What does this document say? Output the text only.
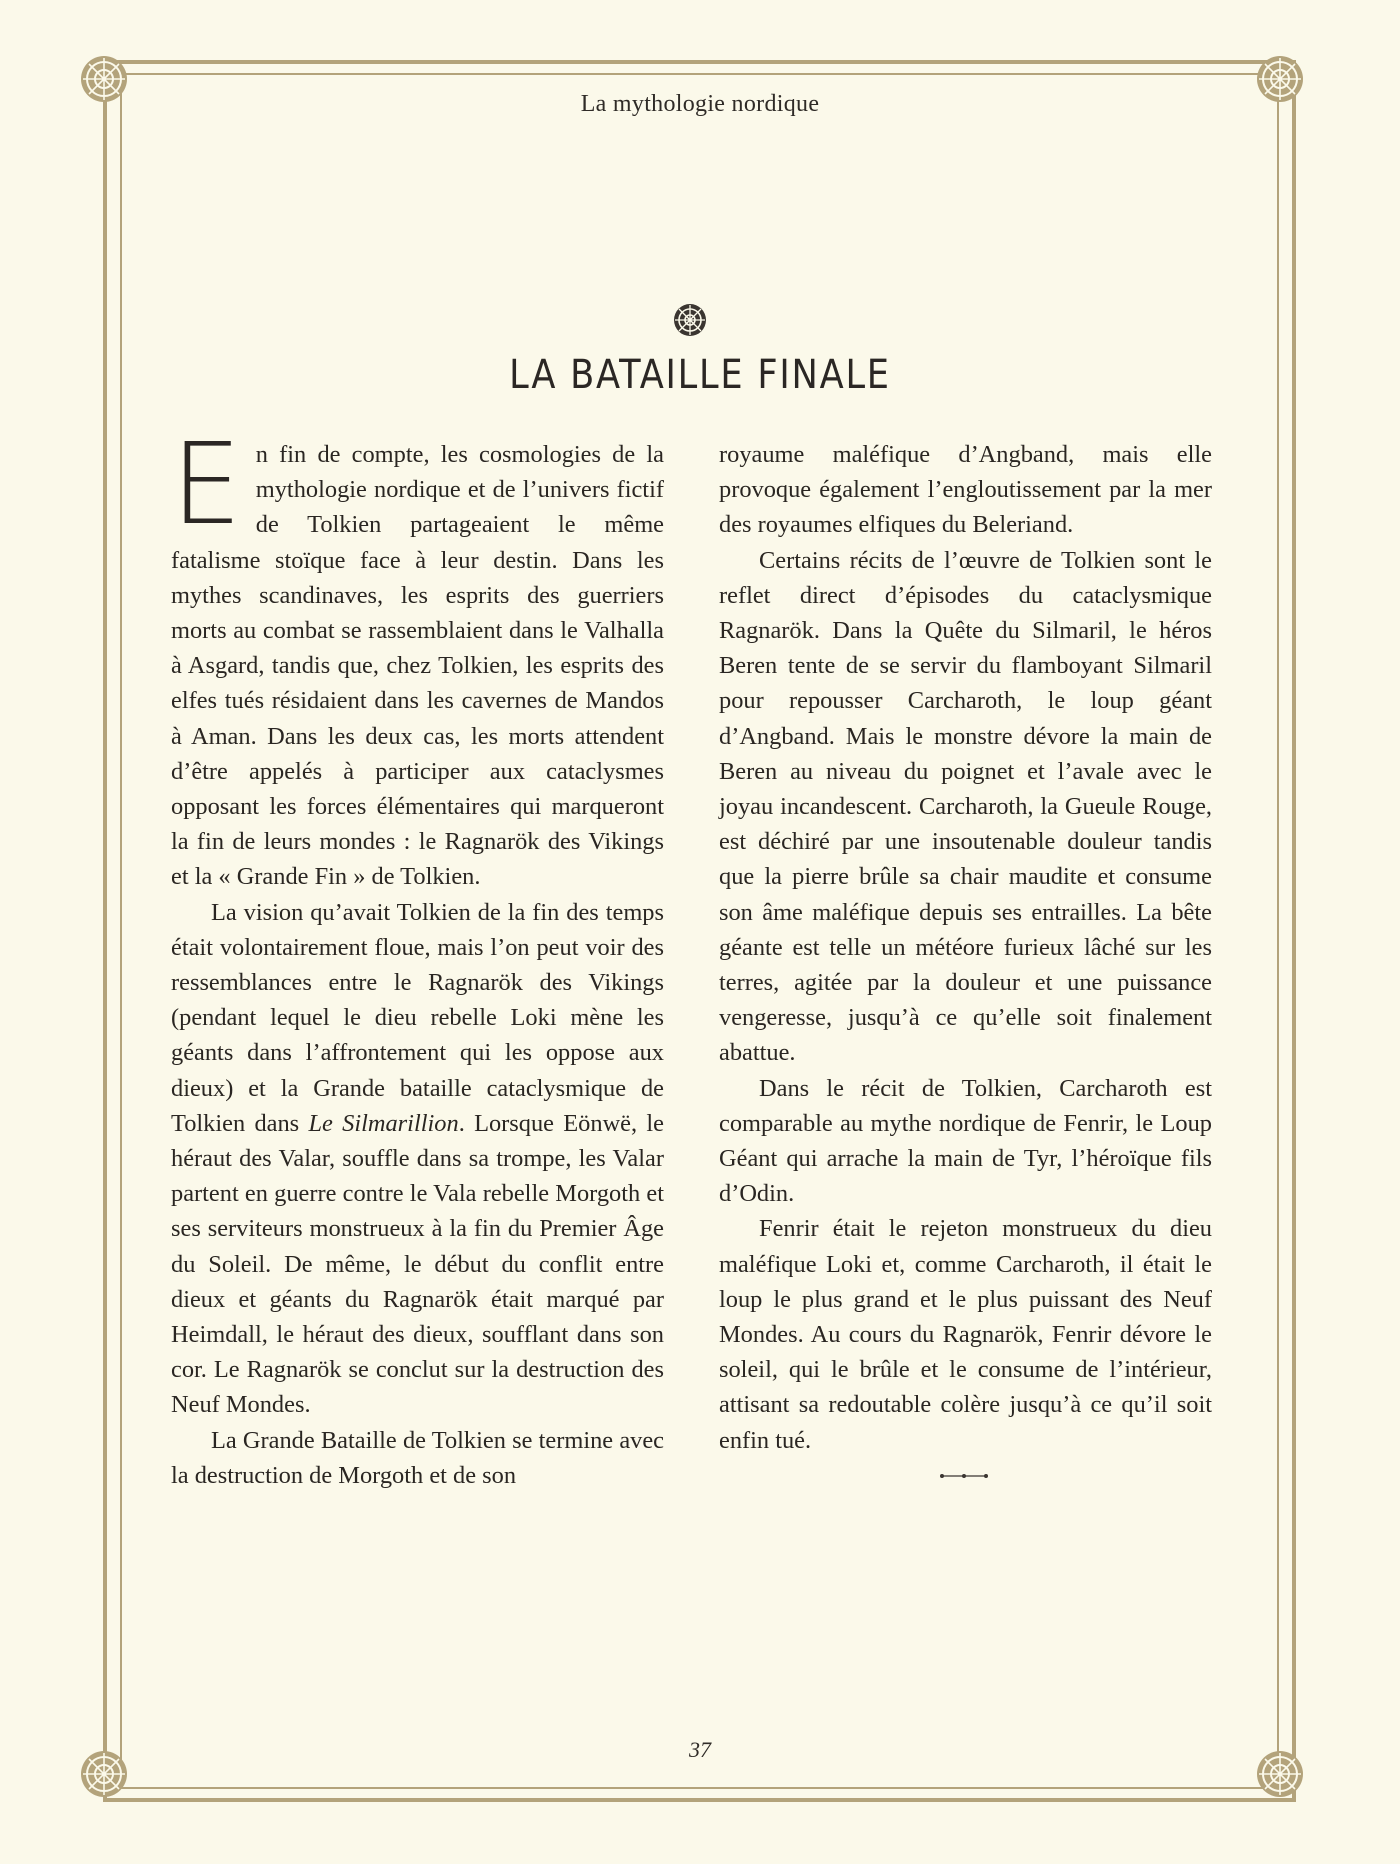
La mythologie nordique
LA BATAILLE FINALE

En fin de compte, les cosmologies de la mythologie nordique et de l’univers fictif de Tolkien partageaient le même fatalisme stoïque face à leur destin. Dans les mythes scandinaves, les esprits des guerriers morts au combat se rassemblaient dans le Valhalla à Asgard, tandis que, chez Tolkien, les esprits des elfes tués résidaient dans les cavernes de Mandos à Aman. Dans les deux cas, les morts attendent d’être appelés à participer aux cataclysmes opposant les forces élémentaires qui marqueront la fin de leurs mondes : le Ragnarök des Vikings et la « Grande Fin » de Tolkien.

La vision qu’avait Tolkien de la fin des temps était volontairement floue, mais l’on peut voir des ressemblances entre le Ragnarök des Vikings (pendant lequel le dieu rebelle Loki mène les géants dans l’affrontement qui les oppose aux dieux) et la Grande bataille cataclysmique de Tolkien dans Le Silmarillion. Lorsque Eönwë, le héraut des Valar, souffle dans sa trompe, les Valar partent en guerre contre le Vala rebelle Morgoth et ses serviteurs monstrueux à la fin du Premier Âge du Soleil. De même, le début du conflit entre dieux et géants du Ragnarök était marqué par Heimdall, le héraut des dieux, soufflant dans son cor. Le Ragnarök se conclut sur la destruction des Neuf Mondes.

La Grande Bataille de Tolkien se termine avec la destruction de Morgoth et de son

royaume maléfique d’Angband, mais elle provoque également l’engloutissement par la mer des royaumes elfiques du Beleriand.

Certains récits de l’œuvre de Tolkien sont le reflet direct d’épisodes du cataclysmique Ragnarök. Dans la Quête du Silmaril, le héros Beren tente de se servir du flamboyant Silmaril pour repousser Carcharoth, le loup géant d’Angband. Mais le monstre dévore la main de Beren au niveau du poignet et l’avale avec le joyau incandescent. Carcharoth, la Gueule Rouge, est déchiré par une insoutenable douleur tandis que la pierre brûle sa chair maudite et consume son âme maléfique depuis ses entrailles. La bête géante est telle un météore furieux lâché sur les terres, agitée par la douleur et une puissance vengeresse, jusqu’à ce qu’elle soit finalement abattue.

Dans le récit de Tolkien, Carcharoth est comparable au mythe nordique de Fenrir, le Loup Géant qui arrache la main de Tyr, l’héroïque fils d’Odin.

Fenrir était le rejeton monstrueux du dieu maléfique Loki et, comme Carcharoth, il était le loup le plus grand et le plus puissant des Neuf Mondes. Au cours du Ragnarök, Fenrir dévore le soleil, qui le brûle et le consume de l’intérieur, attisant sa redoutable colère jusqu’à ce qu’il soit enfin tué.

37
